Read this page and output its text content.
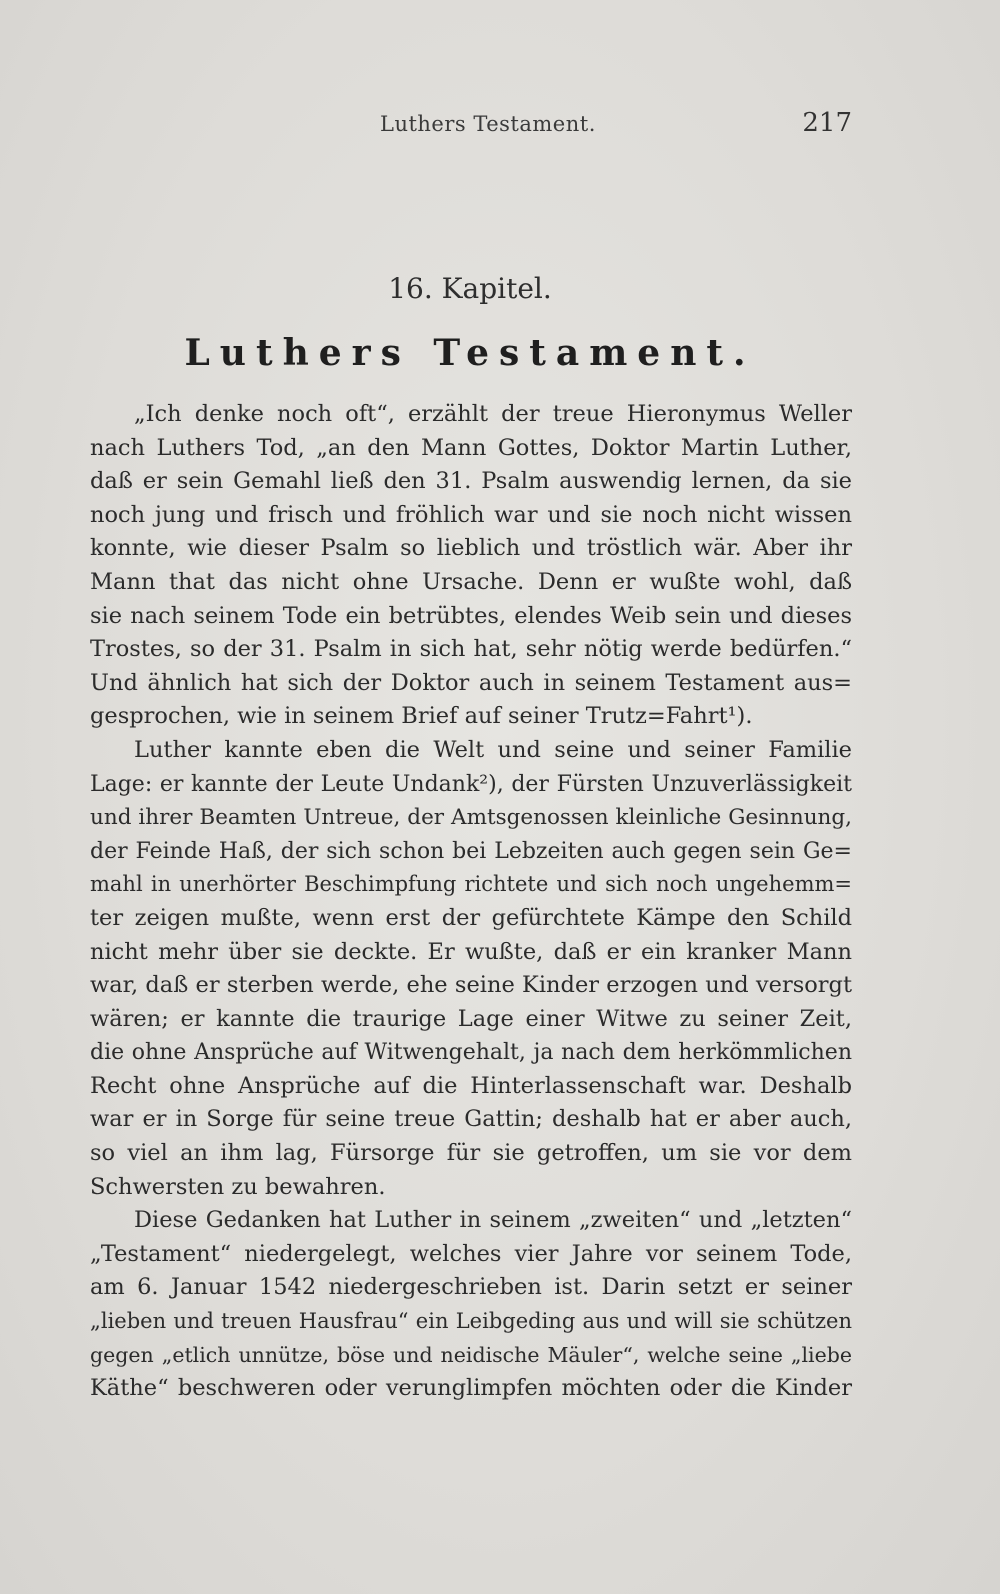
Luthers Testament.	217
16. Kapitel.
Luthers Testament.
„Ich denke noch oft“, erzählt der treue Hieronymus Weller
nach Luthers Tod, „an den Mann Gottes, Doktor Martin Luther,
daß er sein Gemahl ließ den 31. Psalm auswendig lernen, da sie
noch jung und frisch und fröhlich war und sie noch nicht wissen
konnte, wie dieser Psalm so lieblich und tröstlich wär. Aber ihr
Mann that das nicht ohne Ursache. Denn er wußte wohl, daß
sie nach seinem Tode ein betrübtes, elendes Weib sein und dieses
Trostes, so der 31. Psalm in sich hat, sehr nötig werde bedürfen.“
Und ähnlich hat sich der Doktor auch in seinem Testament aus=
gesprochen, wie in seinem Brief auf seiner Trutz=Fahrt¹).
Luther kannte eben die Welt und seine und seiner Familie
Lage: er kannte der Leute Undank²), der Fürsten Unzuverlässigkeit
und ihrer Beamten Untreue, der Amtsgenossen kleinliche Gesinnung,
der Feinde Haß, der sich schon bei Lebzeiten auch gegen sein Ge=
mahl in unerhörter Beschimpfung richtete und sich noch ungehemm=
ter zeigen mußte, wenn erst der gefürchtete Kämpe den Schild
nicht mehr über sie deckte. Er wußte, daß er ein kranker Mann
war, daß er sterben werde, ehe seine Kinder erzogen und versorgt
wären; er kannte die traurige Lage einer Witwe zu seiner Zeit,
die ohne Ansprüche auf Witwengehalt, ja nach dem herkömmlichen
Recht ohne Ansprüche auf die Hinterlassenschaft war. Deshalb
war er in Sorge für seine treue Gattin; deshalb hat er aber auch,
so viel an ihm lag, Fürsorge für sie getroffen, um sie vor dem
Schwersten zu bewahren.
Diese Gedanken hat Luther in seinem „zweiten“ und „letzten“
„Testament“ niedergelegt, welches vier Jahre vor seinem Tode,
am 6. Januar 1542 niedergeschrieben ist. Darin setzt er seiner
„lieben und treuen Hausfrau“ ein Leibgeding aus und will sie schützen
gegen „etlich unnütze, böse und neidische Mäuler“, welche seine „liebe
Käthe“ beschweren oder verunglimpfen möchten oder die Kinder
